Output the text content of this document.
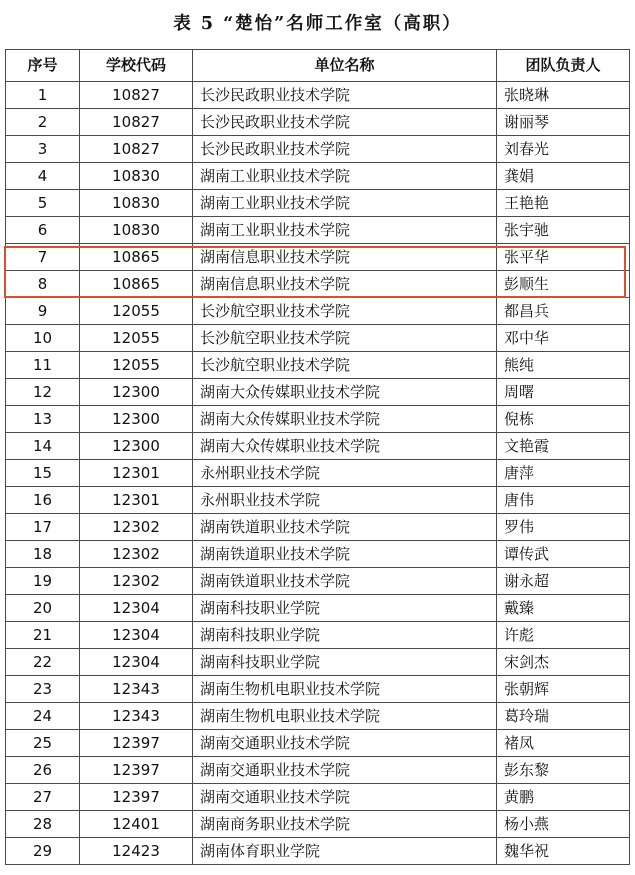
表 5 “楚怡”名师工作室（高职）
序号	学校代码	单位名称	团队负责人
1	10827	长沙民政职业技术学院	张晓琳
2	10827	长沙民政职业技术学院	谢丽琴
3	10827	长沙民政职业技术学院	刘春光
4	10830	湖南工业职业技术学院	龚娟
5	10830	湖南工业职业技术学院	王艳艳
6	10830	湖南工业职业技术学院	张宇驰
7	10865	湖南信息职业技术学院	张平华
8	10865	湖南信息职业技术学院	彭顺生
9	12055	长沙航空职业技术学院	都昌兵
10	12055	长沙航空职业技术学院	邓中华
11	12055	长沙航空职业技术学院	熊纯
12	12300	湖南大众传媒职业技术学院	周曙
13	12300	湖南大众传媒职业技术学院	倪栋
14	12300	湖南大众传媒职业技术学院	文艳霞
15	12301	永州职业技术学院	唐萍
16	12301	永州职业技术学院	唐伟
17	12302	湖南铁道职业技术学院	罗伟
18	12302	湖南铁道职业技术学院	谭传武
19	12302	湖南铁道职业技术学院	谢永超
20	12304	湖南科技职业学院	戴臻
21	12304	湖南科技职业学院	许彪
22	12304	湖南科技职业学院	宋剑杰
23	12343	湖南生物机电职业技术学院	张朝辉
24	12343	湖南生物机电职业技术学院	葛玲瑞
25	12397	湖南交通职业技术学院	褚凤
26	12397	湖南交通职业技术学院	彭东黎
27	12397	湖南交通职业技术学院	黄鹏
28	12401	湖南商务职业技术学院	杨小燕
29	12423	湖南体育职业学院	魏华祝
